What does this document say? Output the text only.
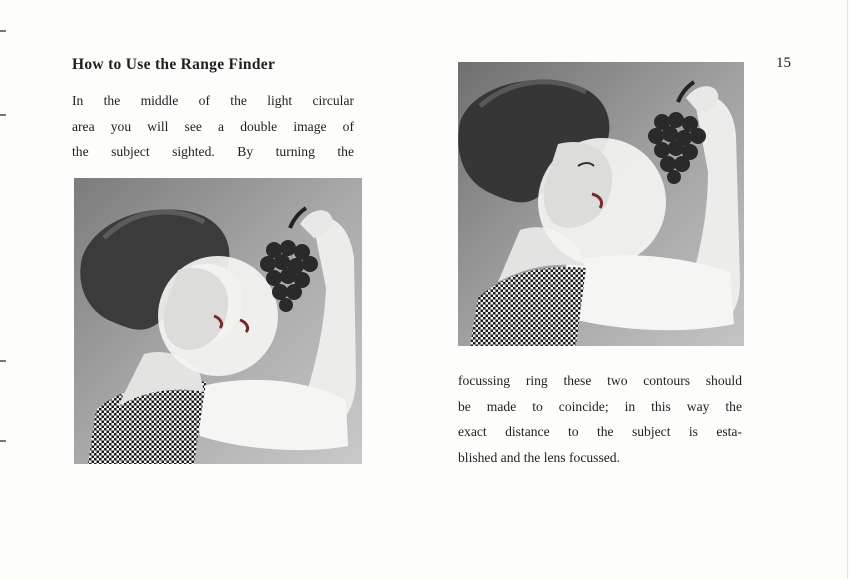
How to Use the Range Finder	15

In the middle of the light circular
area you will see a double image of
the subject sighted. By turning the

focussing ring these two contours should
be made to coincide; in this way the
exact distance to the subject is esta-
blished and the lens focussed.
